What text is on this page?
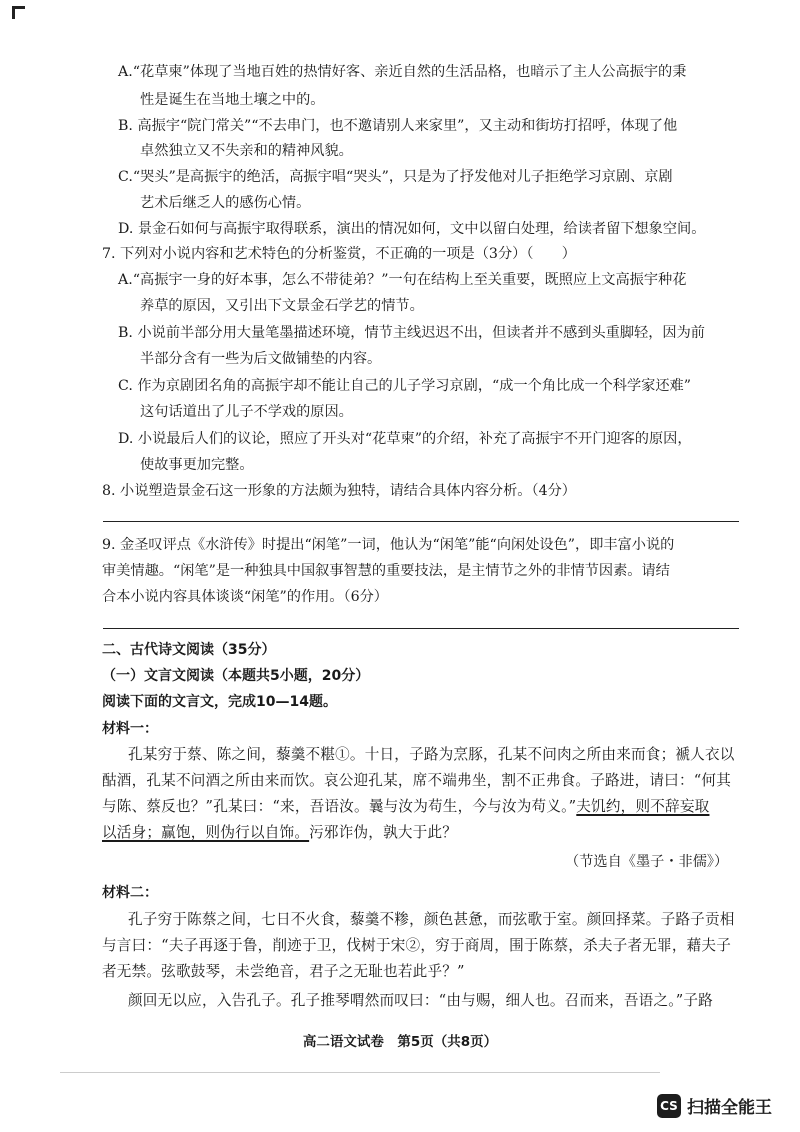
A.“花草柬”体现了当地百姓的热情好客、亲近自然的生活品格，也暗示了主人公高振宇的秉
性是诞生在当地土壤之中的。
B. 高振宇“院门常关”“不去串门，也不邀请别人来家里”，又主动和街坊打招呼，体现了他
卓然独立又不失亲和的精神风貌。
C.“哭头”是高振宇的绝活，高振宇唱“哭头”，只是为了抒发他对儿子拒绝学习京剧、京剧
艺术后继乏人的感伤心情。
D. 景金石如何与高振宇取得联系，演出的情况如何，文中以留白处理，给读者留下想象空间。
7. 下列对小说内容和艺术特色的分析鉴赏，不正确的一项是（3分）（　　）
A.“高振宇一身的好本事，怎么不带徒弟？”一句在结构上至关重要，既照应上文高振宇种花
养草的原因，又引出下文景金石学艺的情节。
B. 小说前半部分用大量笔墨描述环境，情节主线迟迟不出，但读者并不感到头重脚轻，因为前
半部分含有一些为后文做铺垫的内容。
C. 作为京剧团名角的高振宇却不能让自己的儿子学习京剧，“成一个角比成一个科学家还难”
这句话道出了儿子不学戏的原因。
D. 小说最后人们的议论，照应了开头对“花草柬”的介绍，补充了高振宇不开门迎客的原因，
使故事更加完整。
8. 小说塑造景金石这一形象的方法颇为独特，请结合具体内容分析。（4分）
9. 金圣叹评点《水浒传》时提出“闲笔”一词，他认为“闲笔”能“向闲处设色”，即丰富小说的
审美情趣。“闲笔”是一种独具中国叙事智慧的重要技法，是主情节之外的非情节因素。请结
合本小说内容具体谈谈“闲笔”的作用。（6分）
二、古代诗文阅读（35分）
（一）文言文阅读（本题共5小题，20分）
阅读下面的文言文，完成10—14题。
材料一：
孔某穷于蔡、陈之间，藜羹不糂①。十日，子路为烹豚，孔某不问肉之所由来而食；褫人衣以
酤酒，孔某不问酒之所由来而饮。哀公迎孔某，席不端弗坐，割不正弗食。子路进，请曰：“何其
与陈、蔡反也？”孔某曰：“来，吾语汝。曩与汝为苟生，今与汝为苟义。”夫饥约，则不辞妄取
以活身；赢饱，则伪行以自饰。污邪诈伪，孰大于此？
（节选自《墨子・非儒》）
材料二：
孔子穷于陈蔡之间，七日不火食，藜羹不糁，颜色甚惫，而弦歌于室。颜回择菜。子路子贡相
与言曰：“夫子再逐于鲁，削迹于卫，伐树于宋②，穷于商周，围于陈蔡，杀夫子者无罪，藉夫子
者无禁。弦歌鼓琴，未尝绝音，君子之无耻也若此乎？”
颜回无以应，入告孔子。孔子推琴喟然而叹曰：“由与赐，细人也。召而来，吾语之。”子路
高二语文试卷　第5页（共8页）
CS 扫描全能王
